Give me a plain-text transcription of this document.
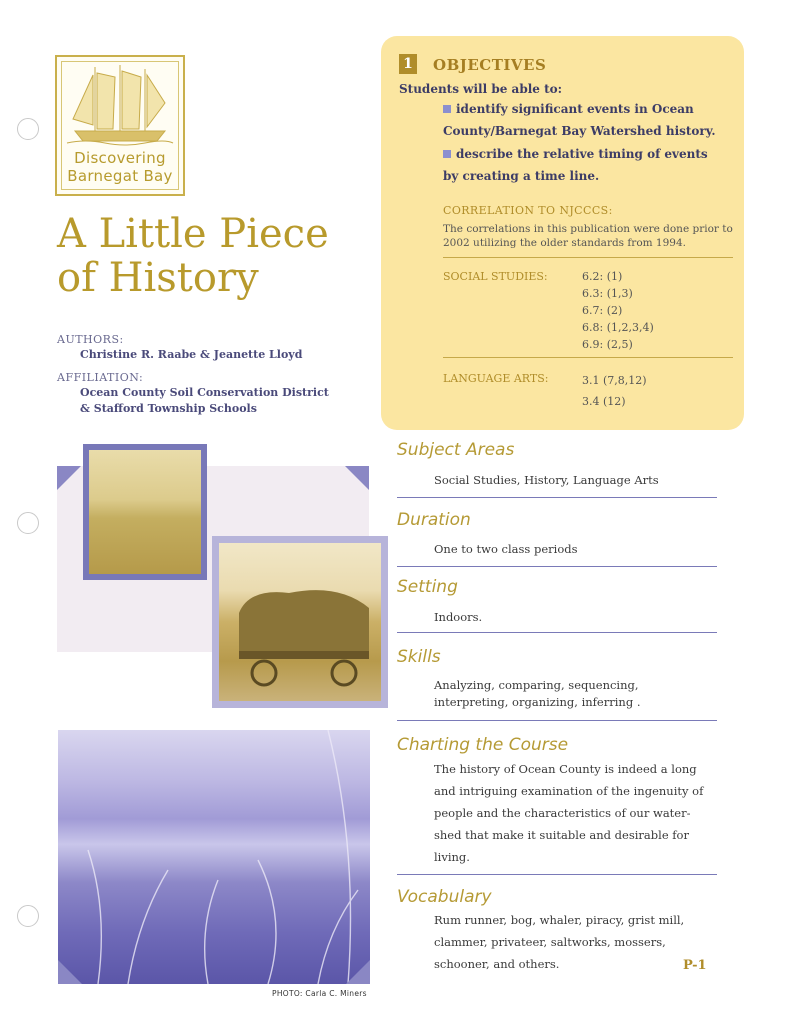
Discovering
Barnegat Bay
A Little Piece
of History
AUTHORS:
Christine R. Raabe & Jeanette Lloyd
AFFILIATION:
Ocean County Soil Conservation District
& Stafford Township Schools
1 OBJECTIVES
Students will be able to:
identify significant events in Ocean
County/Barnegat Bay Watershed history.
describe the relative timing of events
by creating a time line.
CORRELATION TO NJCCCS:
The correlations in this publication were done prior to 2002 utilizing the older standards from 1994.
SOCIAL STUDIES:	6.2: (1)
6.3: (1,3)
6.7: (2)
6.8: (1,2,3,4)
6.9: (2,5)
LANGUAGE ARTS:	3.1 (7,8,12)
3.4 (12)
Subject Areas
Social Studies, History, Language Arts
Duration
One to two class periods
Setting
Indoors.
Skills
Analyzing, comparing, sequencing, interpreting, organizing, inferring .
Charting the Course
The history of Ocean County is indeed a long
and intriguing examination of the ingenuity of
people and the characteristics of our water-
shed that make it suitable and desirable for
living.
Vocabulary
Rum runner, bog, whaler, piracy, grist mill,
clammer, privateer, saltworks, mossers,
schooner, and others.
PHOTO: Carla C. Miners
P-1
